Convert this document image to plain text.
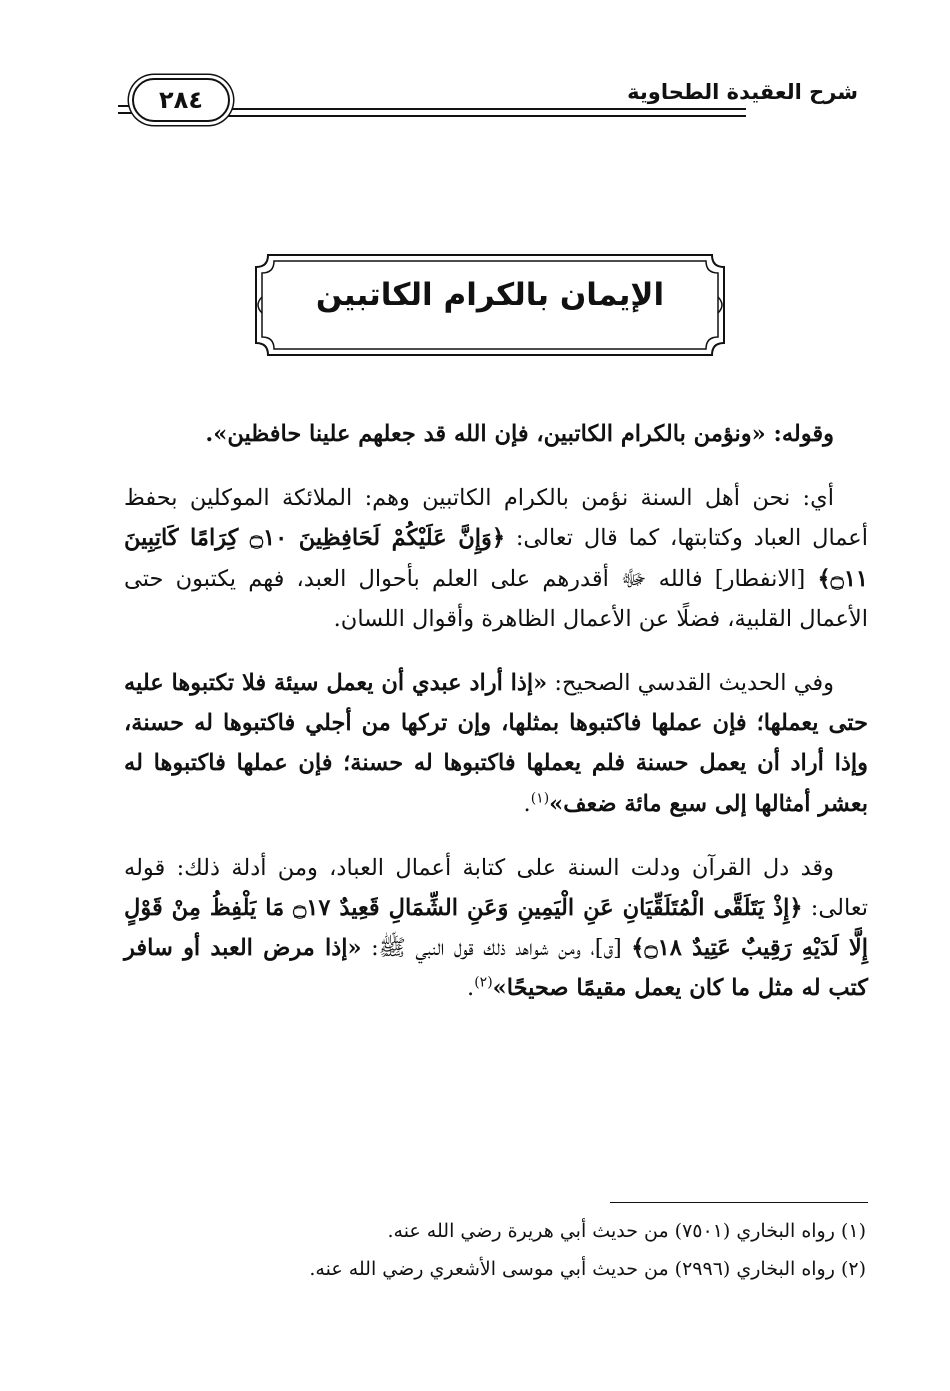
شرح العقيدة الطحاوية
٢٨٤
الإيمان بالكرام الكاتبين

وقوله: «ونؤمن بالكرام الكاتبين، فإن الله قد جعلهم علينا حافظين».

أي: نحن أهل السنة نؤمن بالكرام الكاتبين وهم: الملائكة الموكلين بحفظ أعمال العباد وكتابتها، كما قال تعالى: ﴿وَإِنَّ عَلَيْكُمْ لَحَافِظِينَ ۝١٠ كِرَامًا كَاتِبِينَ ۝١١﴾ [الانفطار] فالله ﷻ أقدرهم على العلم بأحوال العبد، فهم يكتبون حتى الأعمال القلبية، فضلًا عن الأعمال الظاهرة وأقوال اللسان.

وفي الحديث القدسي الصحيح: «إذا أراد عبدي أن يعمل سيئة فلا تكتبوها عليه حتى يعملها؛ فإن عملها فاكتبوها بمثلها، وإن تركها من أجلي فاكتبوها له حسنة، وإذا أراد أن يعمل حسنة فلم يعملها فاكتبوها له حسنة؛ فإن عملها فاكتبوها له بعشر أمثالها إلى سبع مائة ضعف»$^{(١)}$.

وقد دل القرآن ودلت السنة على كتابة أعمال العباد، ومن أدلة ذلك: قوله تعالى: ﴿إِذْ يَتَلَقَّى الْمُتَلَقِّيَانِ عَنِ الْيَمِينِ وَعَنِ الشِّمَالِ قَعِيدٌ ۝١٧ مَا يَلْفِظُ مِنْ قَوْلٍ إِلَّا لَدَيْهِ رَقِيبٌ عَتِيدٌ ۝١٨﴾ [ق]، ومن شواهد ذلك قول النبي ﷺ: «إذا مرض العبد أو سافر كتب له مثل ما كان يعمل مقيمًا صحيحًا»$^{(٢)}$.

(١) رواه البخاري (٧٥٠١) من حديث أبي هريرة رضي الله عنه.

(٢) رواه البخاري (٢٩٩٦) من حديث أبي موسى الأشعري رضي الله عنه.
